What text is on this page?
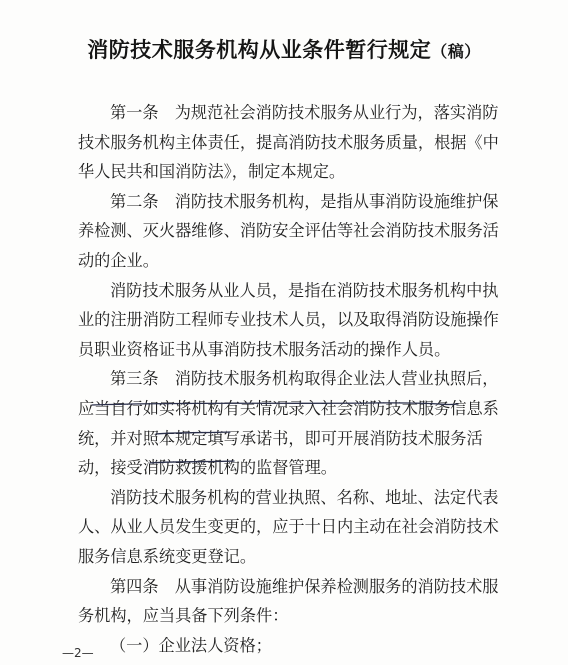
消防技术服务机构从业条件暂行规定（稿）

第一条　为规范社会消防技术服务从业行为，落实消防技术服务机构主体责任，提高消防技术服务质量，根据《中华人民共和国消防法》，制定本规定。

第二条　消防技术服务机构，是指从事消防设施维护保养检测、灭火器维修、消防安全评估等社会消防技术服务活动的企业。

消防技术服务从业人员，是指在消防技术服务机构中执业的注册消防工程师专业技术人员，以及取得消防设施操作员职业资格证书从事消防技术服务活动的操作人员。

第三条　消防技术服务机构取得企业法人营业执照后，应当自行如实将机构有关情况录入社会消防技术服务信息系统，并对照本规定填写承诺书，即可开展消防技术服务活动，接受消防救援机构的监督管理。

消防技术服务机构的营业执照、名称、地址、法定代表人、从业人员发生变更的，应于十日内主动在社会消防技术服务信息系统变更登记。

第四条　从事消防设施维护保养检测服务的消防技术服务机构，应当具备下列条件：

（一）企业法人资格；

—2—
